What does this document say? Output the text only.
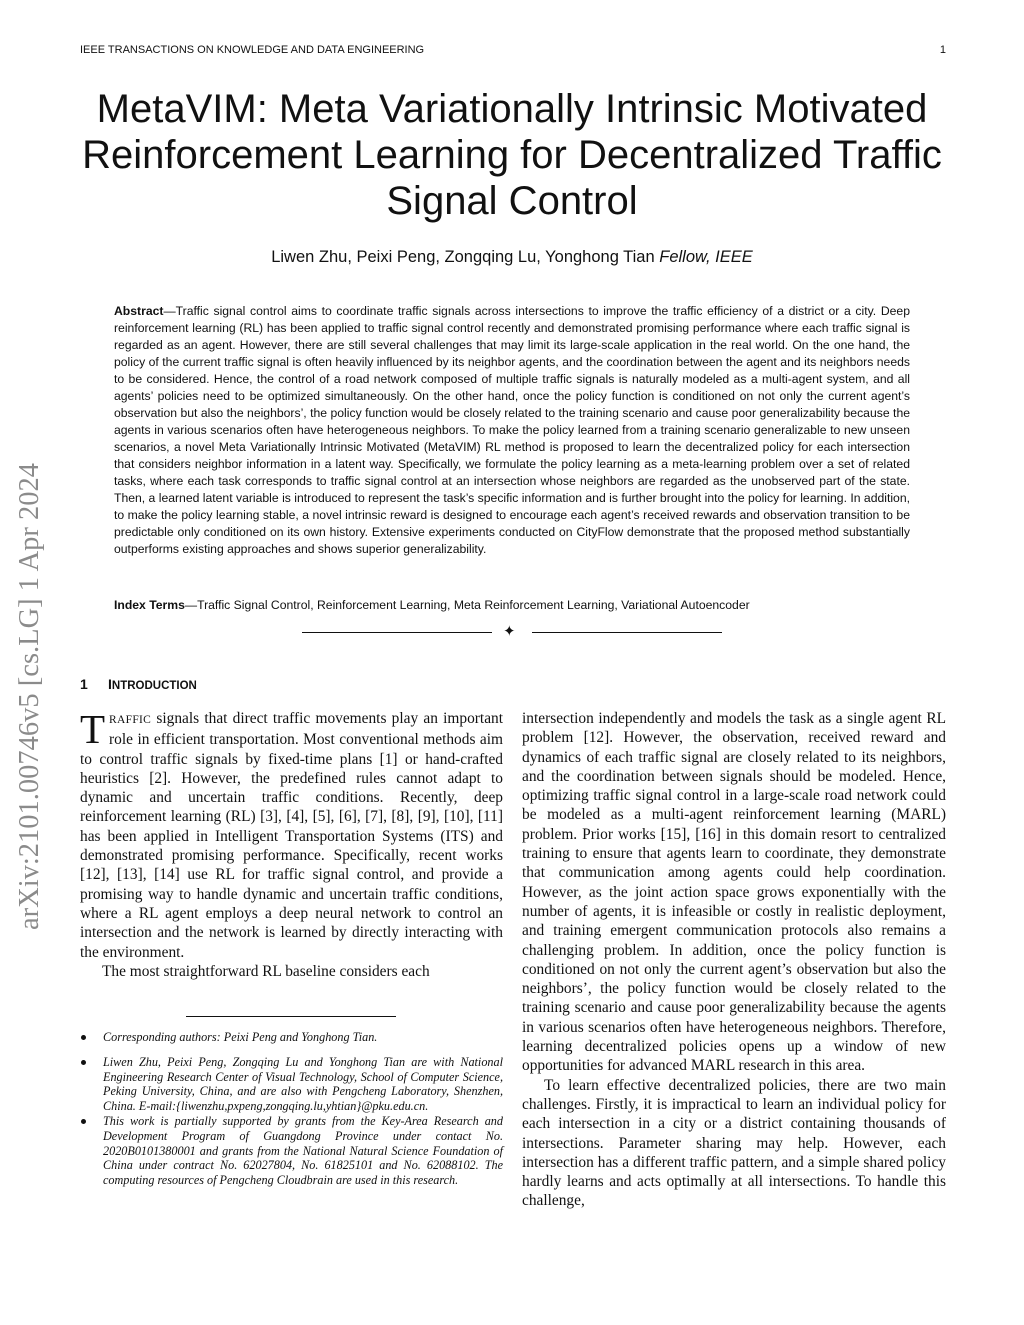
IEEE TRANSACTIONS ON KNOWLEDGE AND DATA ENGINEERING	1
arXiv:2101.00746v5 [cs.LG] 1 Apr 2024
MetaVIM: Meta Variationally Intrinsic Motivated Reinforcement Learning for Decentralized Traffic Signal Control
Liwen Zhu, Peixi Peng, Zongqing Lu, Yonghong Tian Fellow, IEEE
Abstract—Traffic signal control aims to coordinate traffic signals across intersections to improve the traffic efficiency of a district or a city. Deep reinforcement learning (RL) has been applied to traffic signal control recently and demonstrated promising performance where each traffic signal is regarded as an agent. However, there are still several challenges that may limit its large-scale application in the real world. On the one hand, the policy of the current traffic signal is often heavily influenced by its neighbor agents, and the coordination between the agent and its neighbors needs to be considered. Hence, the control of a road network composed of multiple traffic signals is naturally modeled as a multi-agent system, and all agents’ policies need to be optimized simultaneously. On the other hand, once the policy function is conditioned on not only the current agent’s observation but also the neighbors’, the policy function would be closely related to the training scenario and cause poor generalizability because the agents in various scenarios often have heterogeneous neighbors. To make the policy learned from a training scenario generalizable to new unseen scenarios, a novel Meta Variationally Intrinsic Motivated (MetaVIM) RL method is proposed to learn the decentralized policy for each intersection that considers neighbor information in a latent way. Specifically, we formulate the policy learning as a meta-learning problem over a set of related tasks, where each task corresponds to traffic signal control at an intersection whose neighbors are regarded as the unobserved part of the state. Then, a learned latent variable is introduced to represent the task’s specific information and is further brought into the policy for learning. In addition, to make the policy learning stable, a novel intrinsic reward is designed to encourage each agent’s received rewards and observation transition to be predictable only conditioned on its own history. Extensive experiments conducted on CityFlow demonstrate that the proposed method substantially outperforms existing approaches and shows superior generalizability.
Index Terms—Traffic Signal Control, Reinforcement Learning, Meta Reinforcement Learning, Variational Autoencoder
✦
1 INTRODUCTION

TRAFFIC signals that direct traffic movements play an important role in efficient transportation. Most conventional methods aim to control traffic signals by fixed-time plans [1] or hand-crafted heuristics [2]. However, the predefined rules cannot adapt to dynamic and uncertain traffic conditions. Recently, deep reinforcement learning (RL) [3], [4], [5], [6], [7], [8], [9], [10], [11] has been applied in Intelligent Transportation Systems (ITS) and demonstrated promising performance. Specifically, recent works [12], [13], [14] use RL for traffic signal control, and provide a promising way to handle dynamic and uncertain traffic conditions, where a RL agent employs a deep neural network to control an intersection and the network is learned by directly interacting with the environment.

The most straightforward RL baseline considers each

Corresponding authors: Peixi Peng and Yonghong Tian.
Liwen Zhu, Peixi Peng, Zongqing Lu and Yonghong Tian are with National Engineering Research Center of Visual Technology, School of Computer Science, Peking University, China, and are also with Pengcheng Laboratory, Shenzhen, China. E-mail:{liwenzhu,pxpeng,zongqing.lu,yhtian}@pku.edu.cn.
This work is partially supported by grants from the Key-Area Research and Development Program of Guangdong Province under contact No. 2020B0101380001 and grants from the National Natural Science Foundation of China under contract No. 62027804, No. 61825101 and No. 62088102. The computing resources of Pengcheng Cloudbrain are used in this research.

intersection independently and models the task as a single agent RL problem [12]. However, the observation, received reward and dynamics of each traffic signal are closely related to its neighbors, and the coordination between signals should be modeled. Hence, optimizing traffic signal control in a large-scale road network could be modeled as a multi-agent reinforcement learning (MARL) problem. Prior works [15], [16] in this domain resort to centralized training to ensure that agents learn to coordinate, they demonstrate that communication among agents could help coordination. However, as the joint action space grows exponentially with the number of agents, it is infeasible or costly in realistic deployment, and training emergent communication protocols also remains a challenging problem. In addition, once the policy function is conditioned on not only the current agent’s observation but also the neighbors’, the policy function would be closely related to the training scenario and cause poor generalizability because the agents in various scenarios often have heterogeneous neighbors. Therefore, learning decentralized policies opens up a window of new opportunities for advanced MARL research in this area.

To learn effective decentralized policies, there are two main challenges. Firstly, it is impractical to learn an individual policy for each intersection in a city or a district containing thousands of intersections. Parameter sharing may help. However, each intersection has a different traffic pattern, and a simple shared policy hardly learns and acts optimally at all intersections. To handle this challenge,
